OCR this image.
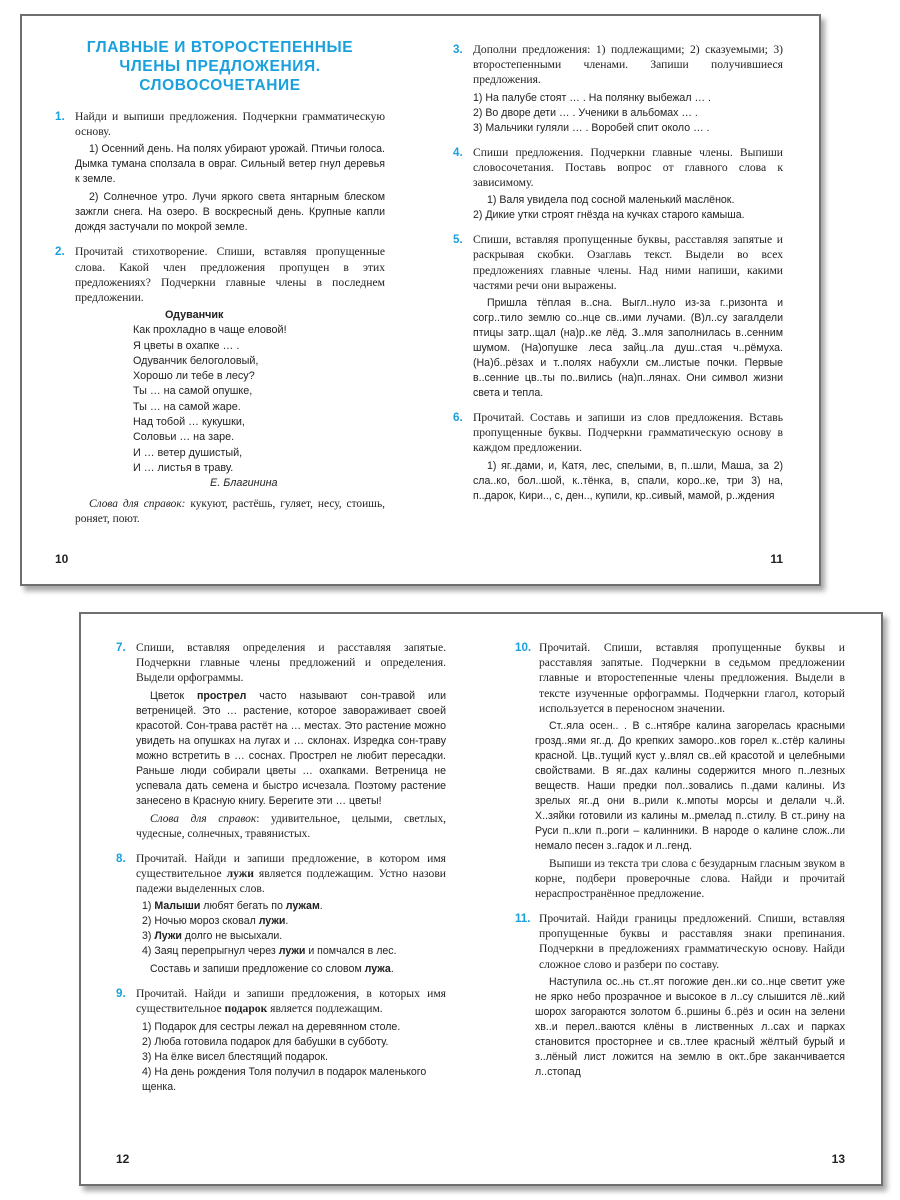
ГЛАВНЫЕ И ВТОРОСТЕПЕННЫЕ
ЧЛЕНЫ ПРЕДЛОЖЕНИЯ.
СЛОВОСОЧЕТАНИЕ
1. Найди и выпиши предложения. Подчеркни грамматическую основу.
1) Осенний день. На полях убирают урожай. Птичьи голоса. Дымка тумана сползала в овраг. Сильный ветер гнул деревья к земле.
2) Солнечное утро. Лучи яркого света янтарным блеском зажгли снега. На озеро. В воскресный день. Крупные капли дождя застучали по мокрой земле.
2. Прочитай стихотворение. Спиши, вставляя пропущенные слова. Какой член предложения пропущен в этих предложениях? Подчеркни главные члены в последнем предложении.
Одуванчик
Как прохладно в чаще еловой!
Я цветы в охапке … .
Одуванчик белоголовый,
Хорошо ли тебе в лесу?
Ты … на самой опушке,
Ты … на самой жаре.
Над тобой … кукушки,
Соловьи … на заре.
И … ветер душистый,
И … листья в траву.
Е. Благинина
Слова для справок: кукуют, растёшь, гуляет, несу, стоишь, роняет, поют.
10
3. Дополни предложения: 1) подлежащими; 2) сказуемыми; 3) второстепенными членами. Запиши получившиеся предложения.
1) На палубе стоят … . На полянку выбежал … .
2) Во дворе дети … . Ученики в альбомах … .
3) Мальчики гуляли … . Воробей спит около … .
4. Спиши предложения. Подчеркни главные члены. Выпиши словосочетания. Поставь вопрос от главного слова к зависимому.
1) Валя увидела под сосной маленький маслёнок.
2) Дикие утки строят гнёзда на кучках старого камыша.
5. Спиши, вставляя пропущенные буквы, расставляя запятые и раскрывая скобки. Озаглавь текст. Выдели во всех предложениях главные члены. Над ними напиши, какими частями речи они выражены.
Пришла тёплая в..сна. Выгл..нуло из-за г..ризонта и согр..тило землю со..нце св..ими лучами. (В)л..су загалдели птицы затр..щал (на)р..ке лёд. З..мля заполнилась в..сенним шумом. (На)опушке леса зайц..ла душ..стая ч..рёмуха. (На)б..рёзах и т..полях набухли см..листые почки. Первые в..сенние цв..ты по..вились (на)п..лянах. Они символ жизни света и тепла.
6. Прочитай. Составь и запиши из слов предложения. Вставь пропущенные буквы. Подчеркни грамматическую основу в каждом предложении.
1) яг..дами, и, Катя, лес, спелыми, в, п..шли, Маша, за 2) сла..ко, бол..шой, к..тёнка, в, спали, коро..ке, три 3) на, п..дарок, Кири.., с, ден.., купили, кр..сивый, мамой, р..ждения
11
7. Спиши, вставляя определения и расставляя запятые. Подчеркни главные члены предложений и определения. Выдели орфограммы.
Цветок прострел часто называют сон-травой или ветреницей. Это … растение, которое завораживает своей красотой. Сон-трава растёт на … местах. Это растение можно увидеть на опушках на лугах и … склонах. Изредка сон-траву можно встретить в … соснах. Прострел не любит пересадки. Раньше люди собирали цветы … охапками. Ветреница не успевала дать семена и быстро исчезала. Поэтому растение занесено в Красную книгу. Берегите эти … цветы!
Слова для справок: удивительное, целыми, светлых, чудесные, солнечных, травянистых.
8. Прочитай. Найди и запиши предложение, в котором имя существительное лужи является подлежащим. Устно назови падежи выделенных слов.
1) Малыши любят бегать по лужам.
2) Ночью мороз сковал лужи.
3) Лужи долго не высыхали.
4) Заяц перепрыгнул через лужи и помчался в лес.
Составь и запиши предложение со словом лужа.
9. Прочитай. Найди и запиши предложения, в которых имя существительное подарок является подлежащим.
1) Подарок для сестры лежал на деревянном столе.
2) Люба готовила подарок для бабушки в субботу.
3) На ёлке висел блестящий подарок.
4) На день рождения Толя получил в подарок маленького щенка.
12
10. Прочитай. Спиши, вставляя пропущенные буквы и расставляя запятые. Подчеркни в седьмом предложении главные и второстепенные члены предложения. Выдели в тексте изученные орфограммы. Подчеркни глагол, который используется в переносном значении.
Ст..яла осен.. . В с..нтябре калина загорелась красными грозд..ями яг..д. До крепких заморо..ков горел к..стёр калины красной. Цв..тущий куст у..влял св..ей красотой и целебными свойствами. В яг..дах калины содержится много п..лезных веществ. Наши предки пол..зовались п..дами калины. Из зрелых яг..д они в..рили к..мпоты морсы и делали ч..й. Х..зяйки готовили из калины м..рмелад п..стилу. В ст..рину на Руси п..кли п..роги – калинники. В народе о калине слож..ли немало песен з..гадок и л..генд.
Выпиши из текста три слова с безударным гласным звуком в корне, подбери проверочные слова. Найди и прочитай нераспространённое предложение.
11. Прочитай. Найди границы предложений. Спиши, вставляя пропущенные буквы и расставляя знаки препинания. Подчеркни в предложениях грамматическую основу. Найди сложное слово и разбери по составу.
Наступила ос..нь ст..ят погожие ден..ки со..нце светит уже не ярко небо прозрачное и высокое в л..су слышится лё..кий шорох загораются золотом б..ршины б..рёз и осин на зелени хв..и перел..ваются клёны в лиственных л..сах и парках становится просторнее и св..тлее красный жёлтый бурый и з..лёный лист ложится на землю в окт..бре заканчивается л..стопад
13
